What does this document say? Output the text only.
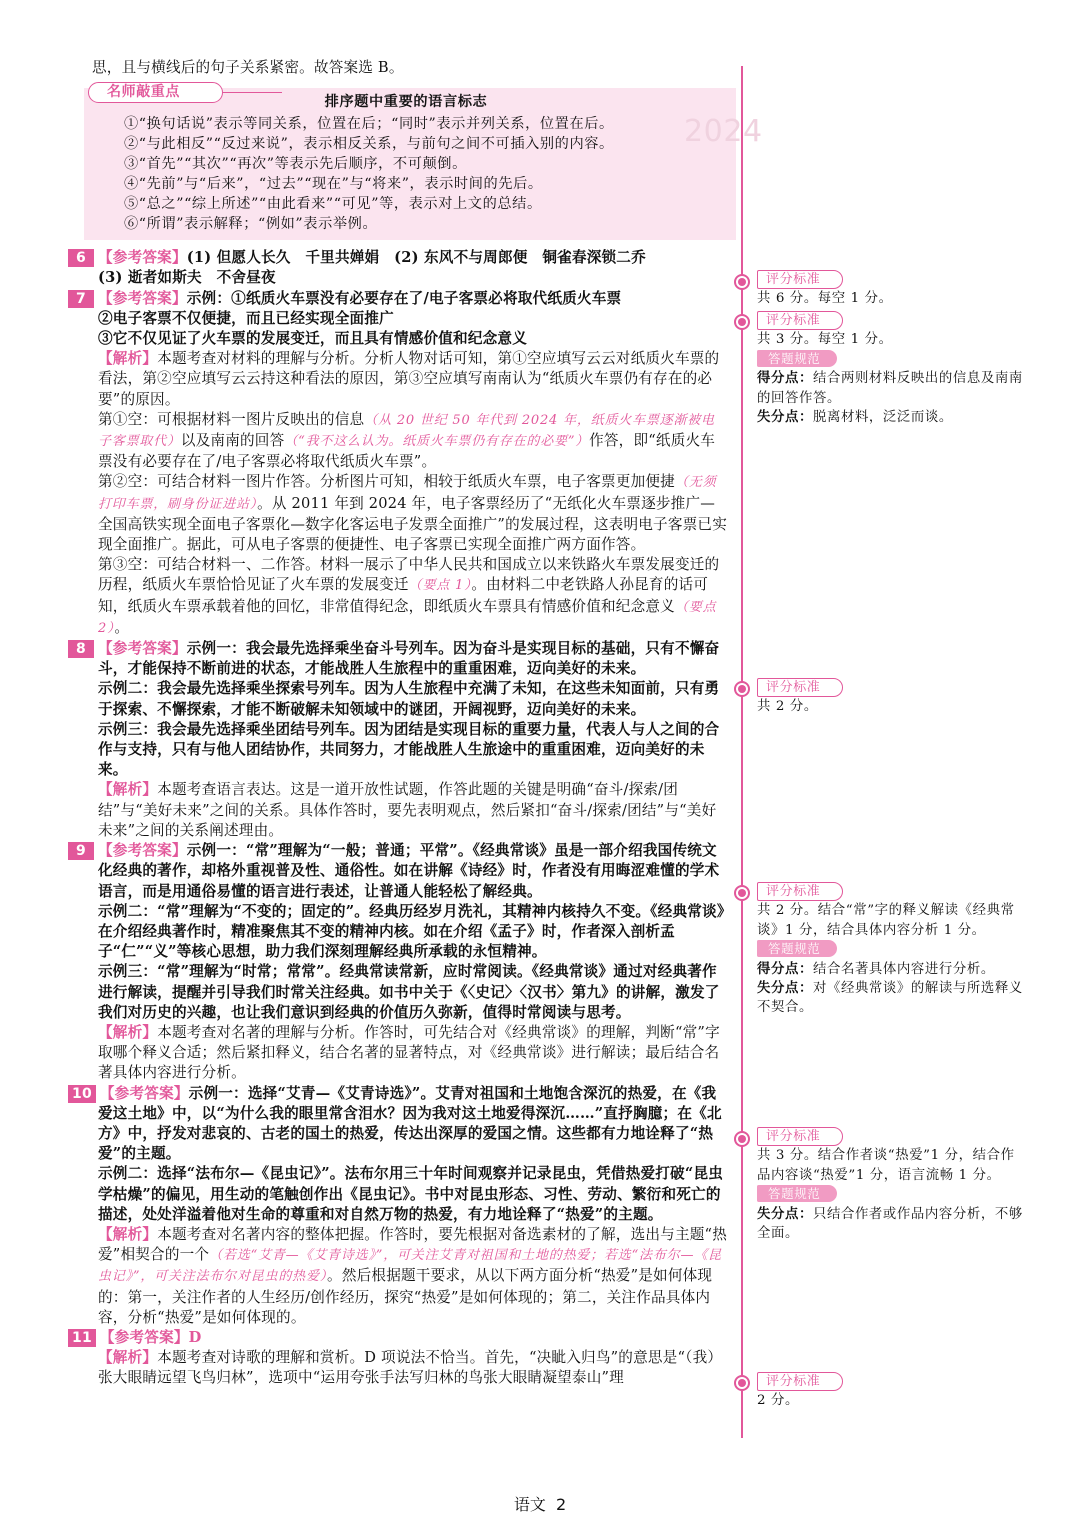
思，且与横线后的句子关系紧密。故答案选 B。

名师敲重点
2024

排序题中重要的语言标志

①“换句话说”表示等同关系，位置在后；“同时”表示并列关系，位置在后。

②“与此相反”“反过来说”，表示相反关系，与前句之间不可插入别的内容。

③“首先”“其次”“再次”等表示先后顺序，不可颠倒。

④“先前”与“后来”，“过去”“现在”与“将来”，表示时间的先后。

⑤“总之”“综上所述”“由此看来”“可见”等，表示对上文的总结。

⑥“所谓”表示解释；“例如”表示举例。

6 【参考答案】(1) 但愿人长久　千里共婵娟　(2) 东风不与周郎便　铜雀春深锁二乔

(3) 逝者如斯夫　不舍昼夜

7 【参考答案】示例：①纸质火车票没有必要存在了/电子客票必将取代纸质火车票

②电子客票不仅便捷，而且已经实现全面推广

③它不仅见证了火车票的发展变迁，而且具有情感价值和纪念意义

【解析】本题考查对材料的理解与分析。分析人物对话可知，第①空应填写云云对纸质火车票的看法，第②空应填写云云持这种看法的原因，第③空应填写南南认为“纸质火车票仍有存在的必要”的原因。

第①空：可根据材料一图片反映出的信息（从 20 世纪 50 年代到 2024 年，纸质火车票逐渐被电子客票取代）以及南南的回答（“我不这么认为。纸质火车票仍有存在的必要”）作答，即“纸质火车票没有必要存在了/电子客票必将取代纸质火车票”。

第②空：可结合材料一图片作答。分析图片可知，相较于纸质火车票，电子客票更加便捷（无须打印车票，刷身份证进站）。从 2011 年到 2024 年，电子客票经历了“无纸化火车票逐步推广—全国高铁实现全面电子客票化—数字化客运电子发票全面推广”的发展过程，这表明电子客票已实现全面推广。据此，可从电子客票的便捷性、电子客票已实现全面推广两方面作答。

第③空：可结合材料一、二作答。材料一展示了中华人民共和国成立以来铁路火车票发展变迁的历程，纸质火车票恰恰见证了火车票的发展变迁（要点 1）。由材料二中老铁路人孙昆育的话可知，纸质火车票承载着他的回忆，非常值得纪念，即纸质火车票具有情感价值和纪念意义（要点 2）。

8 【参考答案】示例一：我会最先选择乘坐奋斗号列车。因为奋斗是实现目标的基础，只有不懈奋斗，才能保持不断前进的状态，才能战胜人生旅程中的重重困难，迈向美好的未来。

示例二：我会最先选择乘坐探索号列车。因为人生旅程中充满了未知，在这些未知面前，只有勇于探索、不懈探索，才能不断破解未知领域中的谜团，开阔视野，迈向美好的未来。

示例三：我会最先选择乘坐团结号列车。因为团结是实现目标的重要力量，代表人与人之间的合作与支持，只有与他人团结协作，共同努力，才能战胜人生旅途中的重重困难，迈向美好的未来。

【解析】本题考查语言表达。这是一道开放性试题，作答此题的关键是明确“奋斗/探索/团结”与“美好未来”之间的关系。具体作答时，要先表明观点，然后紧扣“奋斗/探索/团结”与“美好未来”之间的关系阐述理由。

9 【参考答案】示例一：“常”理解为“一般；普通；平常”。《经典常谈》虽是一部介绍我国传统文化经典的著作，却格外重视普及性、通俗性。如在讲解《诗经》时，作者没有用晦涩难懂的学术语言，而是用通俗易懂的语言进行表述，让普通人能轻松了解经典。

示例二：“常”理解为“不变的；固定的”。经典历经岁月洗礼，其精神内核持久不变。《经典常谈》在介绍经典著作时，精准聚焦其不变的精神内核。如在介绍《孟子》时，作者深入剖析孟子“仁”“义”等核心思想，助力我们深刻理解经典所承载的永恒精神。

示例三：“常”理解为“时常；常常”。经典常读常新，应时常阅读。《经典常谈》通过对经典著作进行解读，提醒并引导我们时常关注经典。如书中关于《〈史记〉〈汉书〉第九》的讲解，激发了我们对历史的兴趣，也让我们意识到经典的价值历久弥新，值得时常阅读与思考。

【解析】本题考查对名著的理解与分析。作答时，可先结合对《经典常谈》的理解，判断“常”字取哪个释义合适；然后紧扣释义，结合名著的显著特点，对《经典常谈》进行解读；最后结合名著具体内容进行分析。

10 【参考答案】示例一：选择“艾青—《艾青诗选》”。艾青对祖国和土地饱含深沉的热爱，在《我爱这土地》中，以“为什么我的眼里常含泪水？因为我对这土地爱得深沉……”直抒胸臆；在《北方》中，抒发对悲哀的、古老的国土的热爱，传达出深厚的爱国之情。这些都有力地诠释了“热爱”的主题。

示例二：选择“法布尔—《昆虫记》”。法布尔用三十年时间观察并记录昆虫，凭借热爱打破“昆虫学枯燥”的偏见，用生动的笔触创作出《昆虫记》。书中对昆虫形态、习性、劳动、繁衍和死亡的描述，处处洋溢着他对生命的尊重和对自然万物的热爱，有力地诠释了“热爱”的主题。

【解析】本题考查对名著内容的整体把握。作答时，要先根据对备选素材的了解，选出与主题“热爱”相契合的一个（若选“艾青—《艾青诗选》”，可关注艾青对祖国和土地的热爱；若选“法布尔—《昆虫记》”，可关注法布尔对昆虫的热爱）。然后根据题干要求，从以下两方面分析“热爱”是如何体现的：第一，关注作者的人生经历/创作经历，探究“热爱”是如何体现的；第二，关注作品具体内容，分析“热爱”是如何体现的。

11 【参考答案】D

【解析】本题考查对诗歌的理解和赏析。D 项说法不恰当。首先，“决眦入归鸟”的意思是“（我）张大眼睛远望飞鸟归林”，选项中“运用夸张手法写归林的鸟张大眼睛凝望泰山”理

评分标准

共 6 分。每空 1 分。

评分标准

共 3 分。每空 1 分。

答题规范

得分点：结合两则材料反映出的信息及南南的回答作答。

失分点：脱离材料，泛泛而谈。

评分标准

共 2 分。

评分标准

共 2 分。结合“常”字的释义解读《经典常谈》1 分，结合具体内容分析 1 分。

答题规范

得分点：结合名著具体内容进行分析。

失分点：对《经典常谈》的解读与所选释义不契合。

评分标准

共 3 分。结合作者谈“热爱”1 分，结合作品内容谈“热爱”1 分，语言流畅 1 分。

答题规范

失分点：只结合作者或作品内容分析，不够全面。

评分标准

2 分。

语文 2
